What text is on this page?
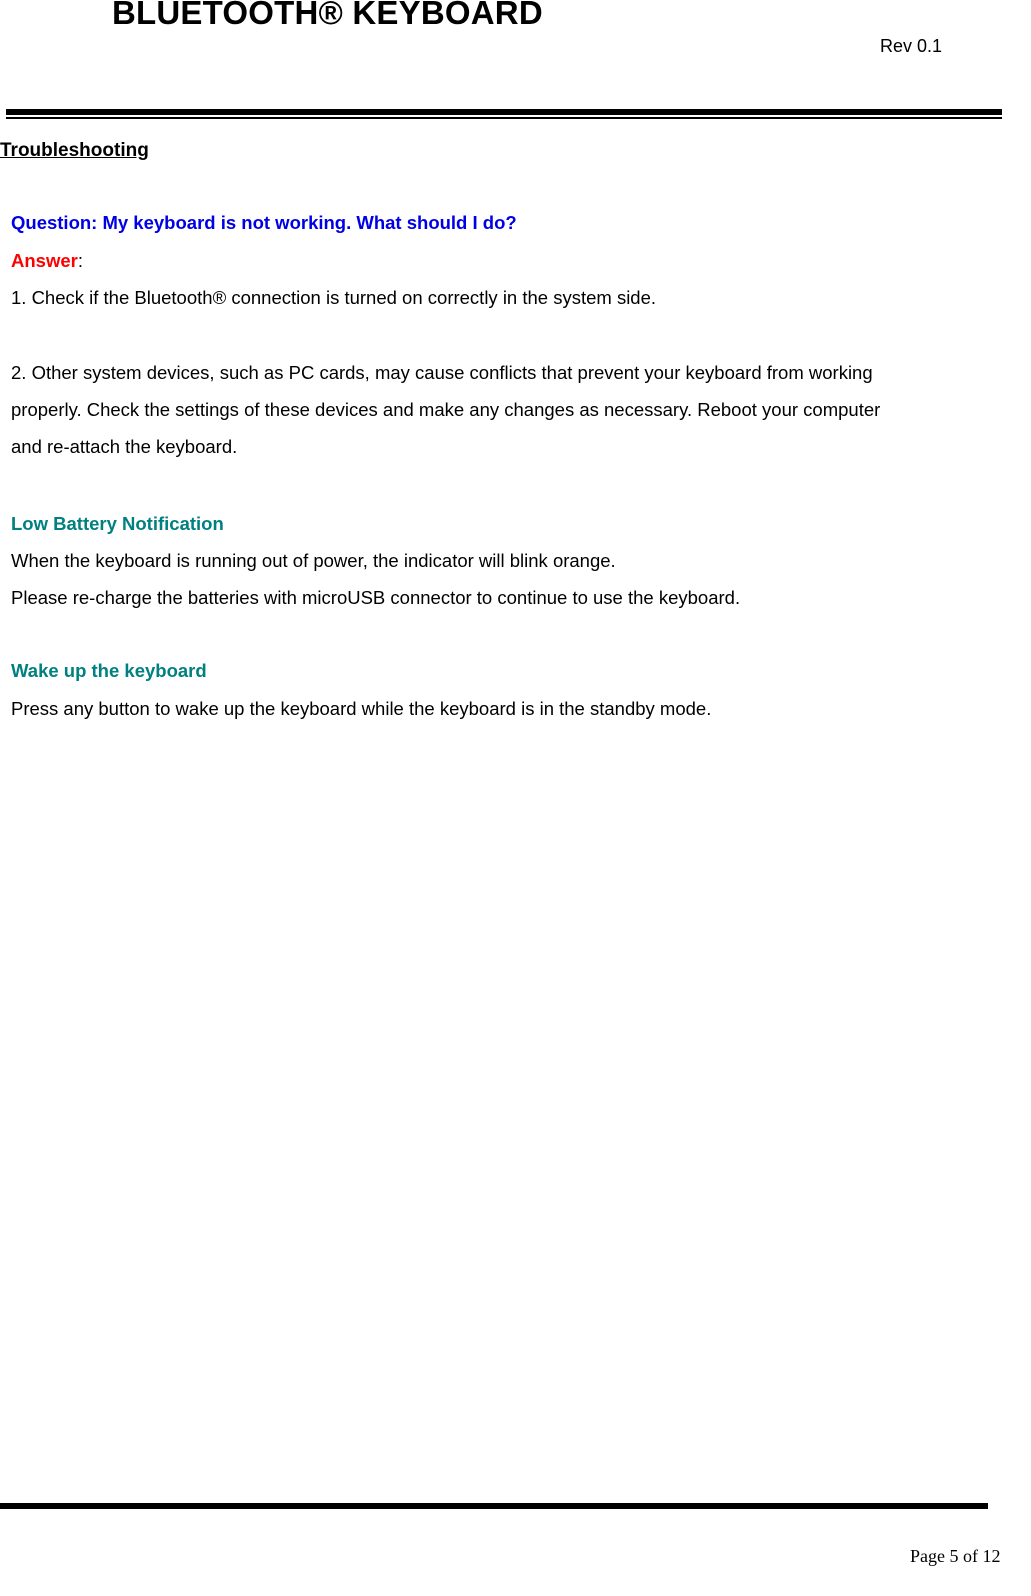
BLUETOOTH® KEYBOARD
Rev 0.1
Troubleshooting
Question: My keyboard is not working. What should I do?
Answer:
1. Check if the Bluetooth® connection is turned on correctly in the system side.
2. Other system devices, such as PC cards, may cause conflicts that prevent your keyboard from working
properly. Check the settings of these devices and make any changes as necessary. Reboot your computer
and re-attach the keyboard.
Low Battery Notification
When the keyboard is running out of power, the indicator will blink orange.
Please re-charge the batteries with microUSB connector to continue to use the keyboard.
Wake up the keyboard
Press any button to wake up the keyboard while the keyboard is in the standby mode.
Page 5 of 12
